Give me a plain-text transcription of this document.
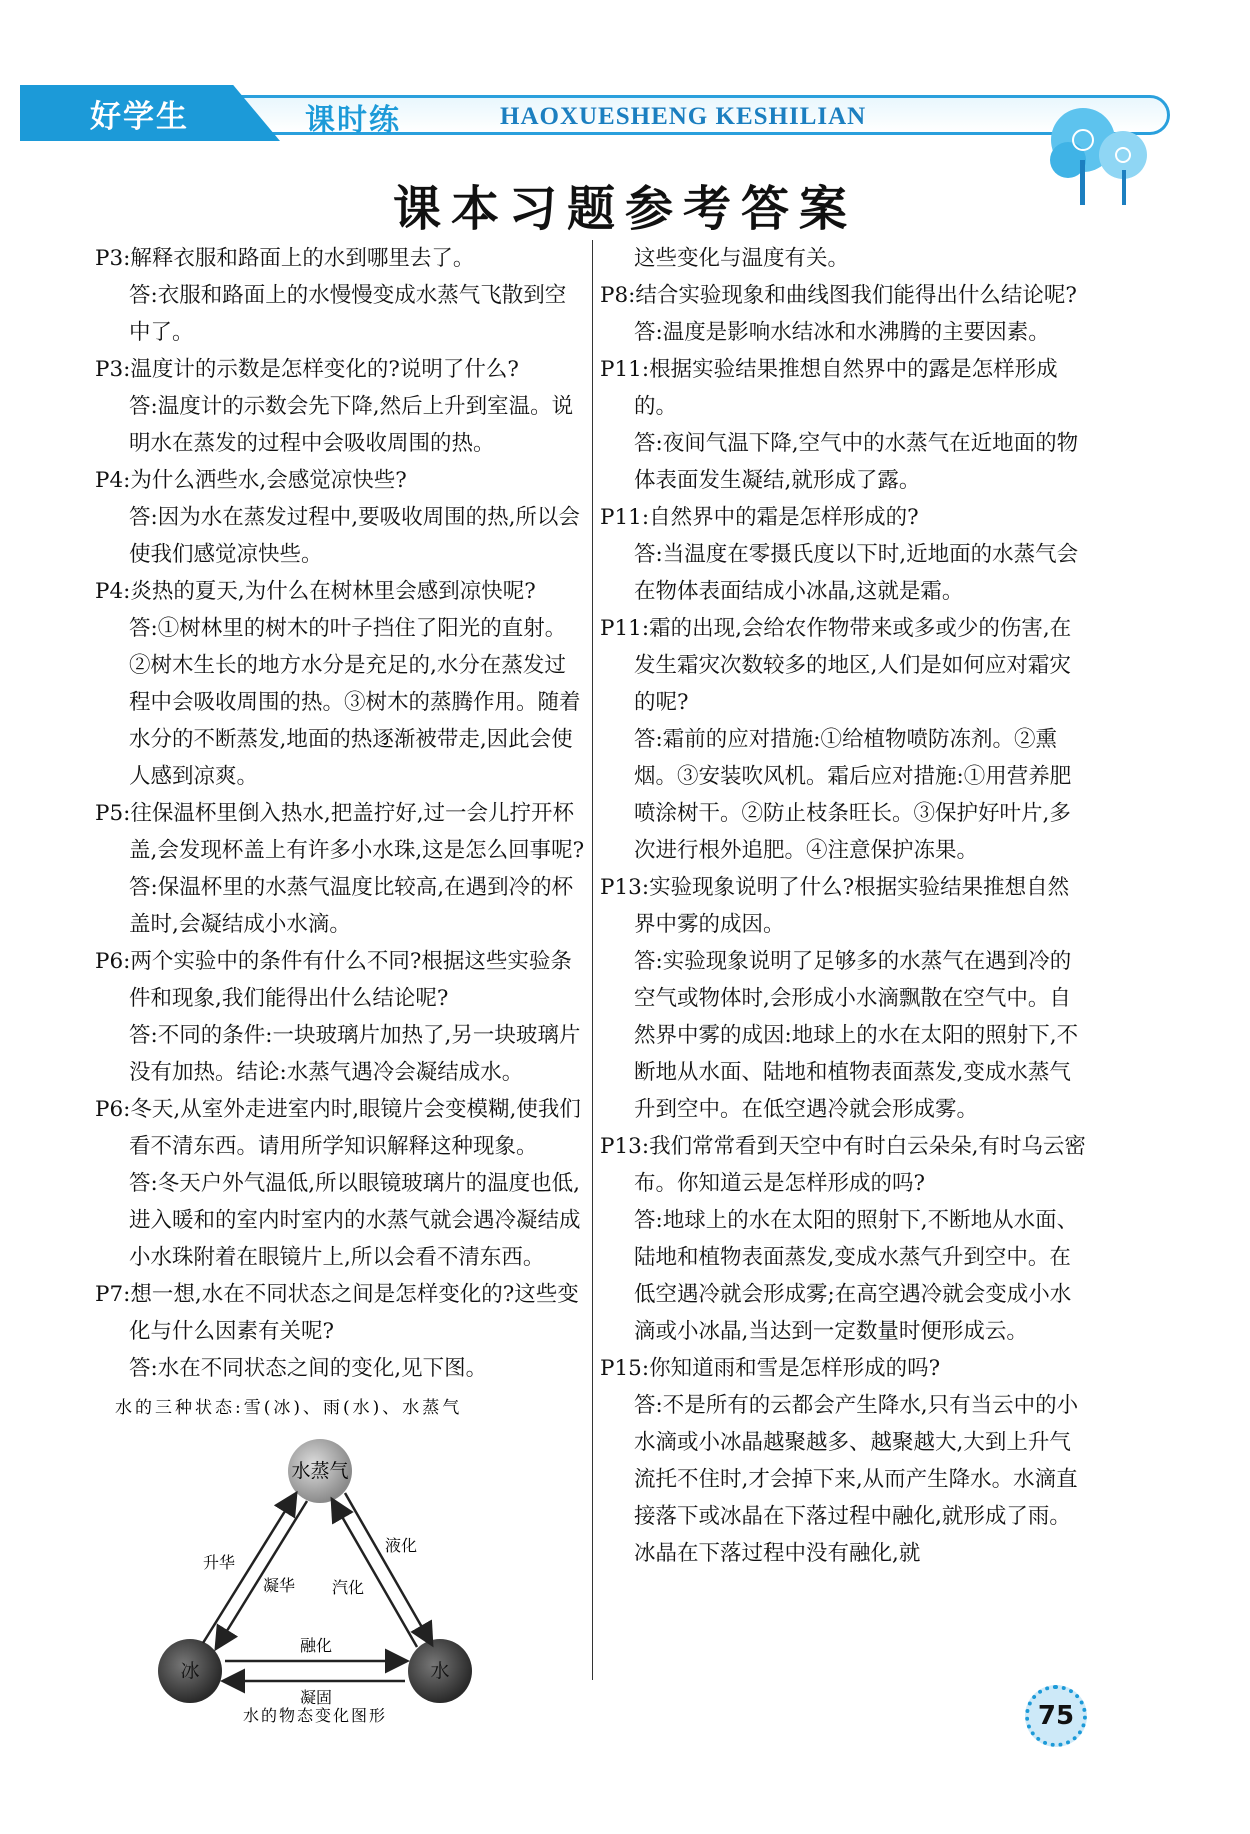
好学生	课时练	HAOXUESHENG KESHILIAN
课本习题参考答案
P3:解释衣服和路面上的水到哪里去了。
答:衣服和路面上的水慢慢变成水蒸气飞散到空中了。
P3:温度计的示数是怎样变化的?说明了什么?
答:温度计的示数会先下降,然后上升到室温。说明水在蒸发的过程中会吸收周围的热。
P4:为什么洒些水,会感觉凉快些?
答:因为水在蒸发过程中,要吸收周围的热,所以会使我们感觉凉快些。
P4:炎热的夏天,为什么在树林里会感到凉快呢?
答:①树林里的树木的叶子挡住了阳光的直射。②树木生长的地方水分是充足的,水分在蒸发过程中会吸收周围的热。③树木的蒸腾作用。随着水分的不断蒸发,地面的热逐渐被带走,因此会使人感到凉爽。
P5:往保温杯里倒入热水,把盖拧好,过一会儿拧开杯盖,会发现杯盖上有许多小水珠,这是怎么回事呢?
答:保温杯里的水蒸气温度比较高,在遇到冷的杯盖时,会凝结成小水滴。
P6:两个实验中的条件有什么不同?根据这些实验条件和现象,我们能得出什么结论呢?
答:不同的条件:一块玻璃片加热了,另一块玻璃片没有加热。结论:水蒸气遇冷会凝结成水。
P6:冬天,从室外走进室内时,眼镜片会变模糊,使我们看不清东西。请用所学知识解释这种现象。
答:冬天户外气温低,所以眼镜玻璃片的温度也低,进入暖和的室内时室内的水蒸气就会遇冷凝结成小水珠附着在眼镜片上,所以会看不清东西。
P7:想一想,水在不同状态之间是怎样变化的?这些变化与什么因素有关呢?
答:水在不同状态之间的变化,见下图。
水的三种状态:雪(冰)、雨(水)、水蒸气
水蒸气
冰	水
升华
凝华
液化
汽化
融化
凝固
水的物态变化图形
这些变化与温度有关。
P8:结合实验现象和曲线图我们能得出什么结论呢?
答:温度是影响水结冰和水沸腾的主要因素。
P11:根据实验结果推想自然界中的露是怎样形成的。
答:夜间气温下降,空气中的水蒸气在近地面的物体表面发生凝结,就形成了露。
P11:自然界中的霜是怎样形成的?
答:当温度在零摄氏度以下时,近地面的水蒸气会在物体表面结成小冰晶,这就是霜。
P11:霜的出现,会给农作物带来或多或少的伤害,在发生霜灾次数较多的地区,人们是如何应对霜灾的呢?
答:霜前的应对措施:①给植物喷防冻剂。②熏烟。③安装吹风机。霜后应对措施:①用营养肥喷涂树干。②防止枝条旺长。③保护好叶片,多次进行根外追肥。④注意保护冻果。
P13:实验现象说明了什么?根据实验结果推想自然界中雾的成因。
答:实验现象说明了足够多的水蒸气在遇到冷的空气或物体时,会形成小水滴飘散在空气中。自然界中雾的成因:地球上的水在太阳的照射下,不断地从水面、陆地和植物表面蒸发,变成水蒸气升到空中。在低空遇冷就会形成雾。
P13:我们常常看到天空中有时白云朵朵,有时乌云密布。你知道云是怎样形成的吗?
答:地球上的水在太阳的照射下,不断地从水面、陆地和植物表面蒸发,变成水蒸气升到空中。在低空遇冷就会形成雾;在高空遇冷就会变成小水滴或小冰晶,当达到一定数量时便形成云。
P15:你知道雨和雪是怎样形成的吗?
答:不是所有的云都会产生降水,只有当云中的小水滴或小冰晶越聚越多、越聚越大,大到上升气流托不住时,才会掉下来,从而产生降水。水滴直接落下或冰晶在下落过程中融化,就形成了雨。冰晶在下落过程中没有融化,就
75
